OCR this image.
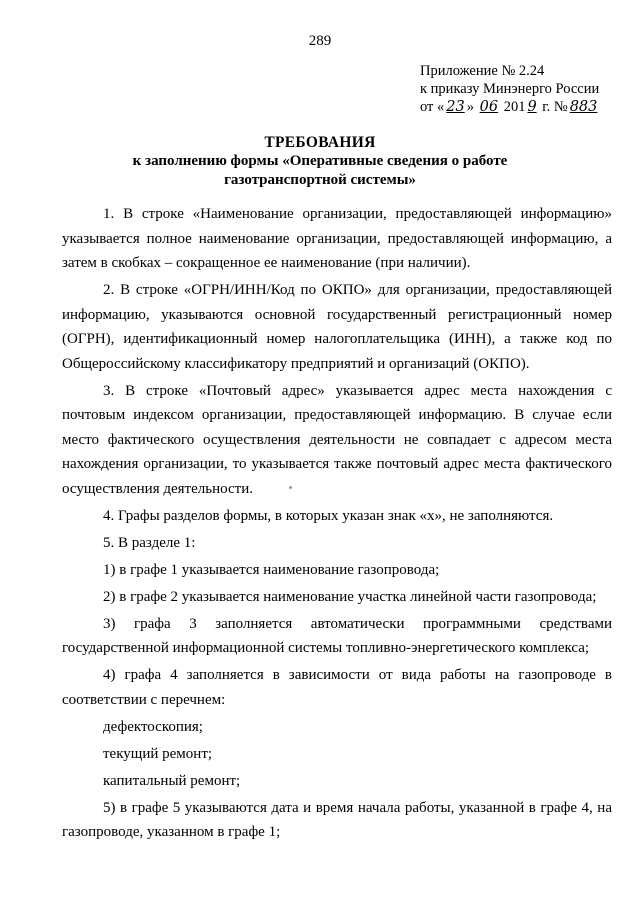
289
Приложение № 2.24
к приказу Минэнерго России
от « 23 » 06 201 9 г. № 883
ТРЕБОВАНИЯ
к заполнению формы «Оперативные сведения о работе
газотранспортной системы»

1. В строке «Наименование организации, предоставляющей информацию» указывается полное наименование организации, предоставляющей информацию, а затем в скобках – сокращенное ее наименование (при наличии).

2. В строке «ОГРН/ИНН/Код по ОКПО» для организации, предоставляющей информацию, указываются основной государственный регистрационный номер (ОГРН), идентификационный номер налогоплательщика (ИНН), а также код по Общероссийскому классификатору предприятий и организаций (ОКПО).

3. В строке «Почтовый адрес» указывается адрес места нахождения с почтовым индексом организации, предоставляющей информацию. В случае если место фактического осуществления деятельности не совпадает с адресом места нахождения организации, то указывается также почтовый адрес места фактического осуществления деятельности.

4. Графы разделов формы, в которых указан знак «х», не заполняются.

5. В разделе 1:

1) в графе 1 указывается наименование газопровода;

2) в графе 2 указывается наименование участка линейной части газопровода;

3) графа 3 заполняется автоматически программными средствами государственной информационной системы топливно-энергетического комплекса;

4) графа 4 заполняется в зависимости от вида работы на газопроводе в соответствии с перечнем:

дефектоскопия;

текущий ремонт;

капитальный ремонт;

5) в графе 5 указываются дата и время начала работы, указанной в графе 4, на газопроводе, указанном в графе 1;
